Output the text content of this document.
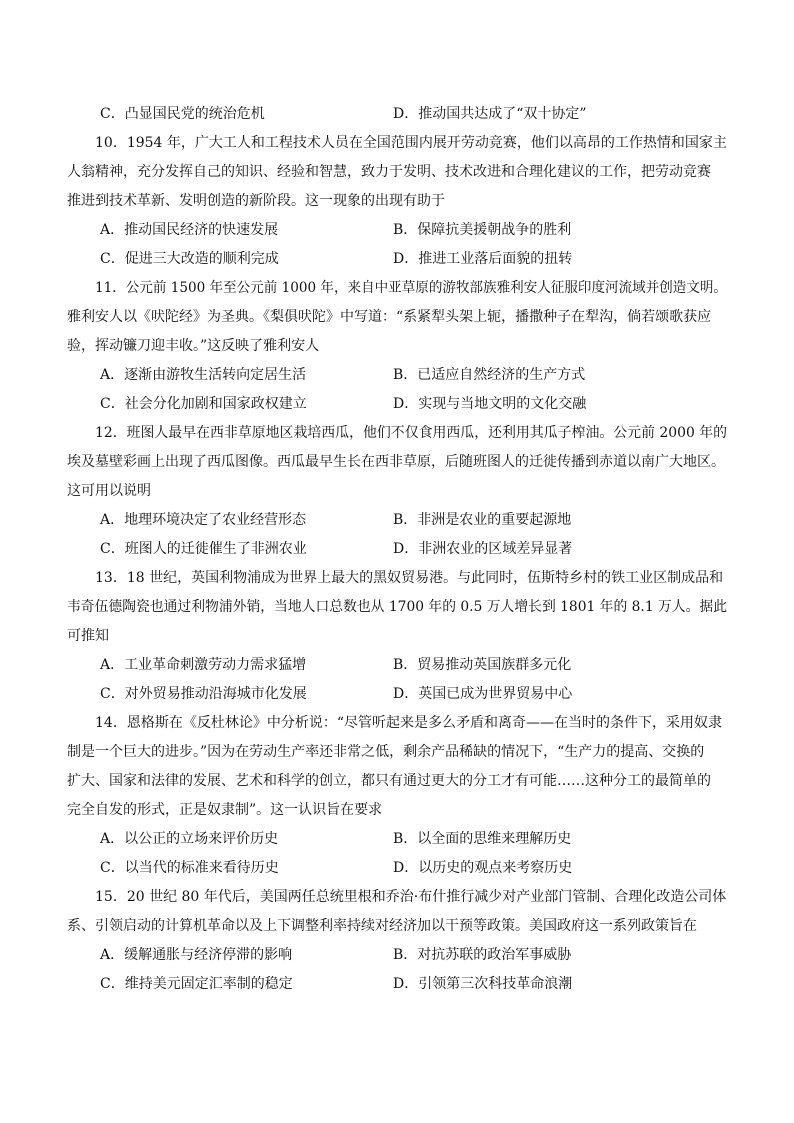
C．凸显国民党的统治危机	D．推动国共达成了“双十协定”
10．1954 年，广大工人和工程技术人员在全国范围内展开劳动竞赛，他们以高昂的工作热情和国家主
人翁精神，充分发挥自己的知识、经验和智慧，致力于发明、技术改进和合理化建议的工作，把劳动竞赛
推进到技术革新、发明创造的新阶段。这一现象的出现有助于
A．推动国民经济的快速发展	B．保障抗美援朝战争的胜利
C．促进三大改造的顺利完成	D．推进工业落后面貌的扭转
11．公元前 1500 年至公元前 1000 年，来自中亚草原的游牧部族雅利安人征服印度河流域并创造文明。
雅利安人以《吠陀经》为圣典。《梨俱吠陀》中写道：“系紧犁头架上轭，播撒种子在犁沟，倘若颂歌获应
验，挥动镰刀迎丰收。”这反映了雅利安人
A．逐渐由游牧生活转向定居生活	B．已适应自然经济的生产方式
C．社会分化加剧和国家政权建立	D．实现与当地文明的文化交融
12．班图人最早在西非草原地区栽培西瓜，他们不仅食用西瓜，还利用其瓜子榨油。公元前 2000 年的
埃及墓壁彩画上出现了西瓜图像。西瓜最早生长在西非草原，后随班图人的迁徙传播到赤道以南广大地区。
这可用以说明
A．地理环境决定了农业经营形态	B．非洲是农业的重要起源地
C．班图人的迁徙催生了非洲农业	D．非洲农业的区域差异显著
13．18 世纪，英国利物浦成为世界上最大的黑奴贸易港。与此同时，伍斯特乡村的铁工业区制成品和
韦奇伍德陶瓷也通过利物浦外销，当地人口总数也从 1700 年的 0.5 万人增长到 1801 年的 8.1 万人。据此
可推知
A．工业革命刺激劳动力需求猛增	B．贸易推动英国族群多元化
C．对外贸易推动沿海城市化发展	D．英国已成为世界贸易中心
14．恩格斯在《反杜林论》中分析说：“尽管听起来是多么矛盾和离奇——在当时的条件下，采用奴隶
制是一个巨大的进步。”因为在劳动生产率还非常之低，剩余产品稀缺的情况下，“生产力的提高、交换的
扩大、国家和法律的发展、艺术和科学的创立，都只有通过更大的分工才有可能……这种分工的最简单的
完全自发的形式，正是奴隶制”。这一认识旨在要求
A．以公正的立场来评价历史	B．以全面的思维来理解历史
C．以当代的标准来看待历史	D．以历史的观点来考察历史
15．20 世纪 80 年代后，美国两任总统里根和乔治·布什推行减少对产业部门管制、合理化改造公司体
系、引领启动的计算机革命以及上下调整利率持续对经济加以干预等政策。美国政府这一系列政策旨在
A．缓解通胀与经济停滞的影响	B．对抗苏联的政治军事威胁
C．维持美元固定汇率制的稳定	D．引领第三次科技革命浪潮
